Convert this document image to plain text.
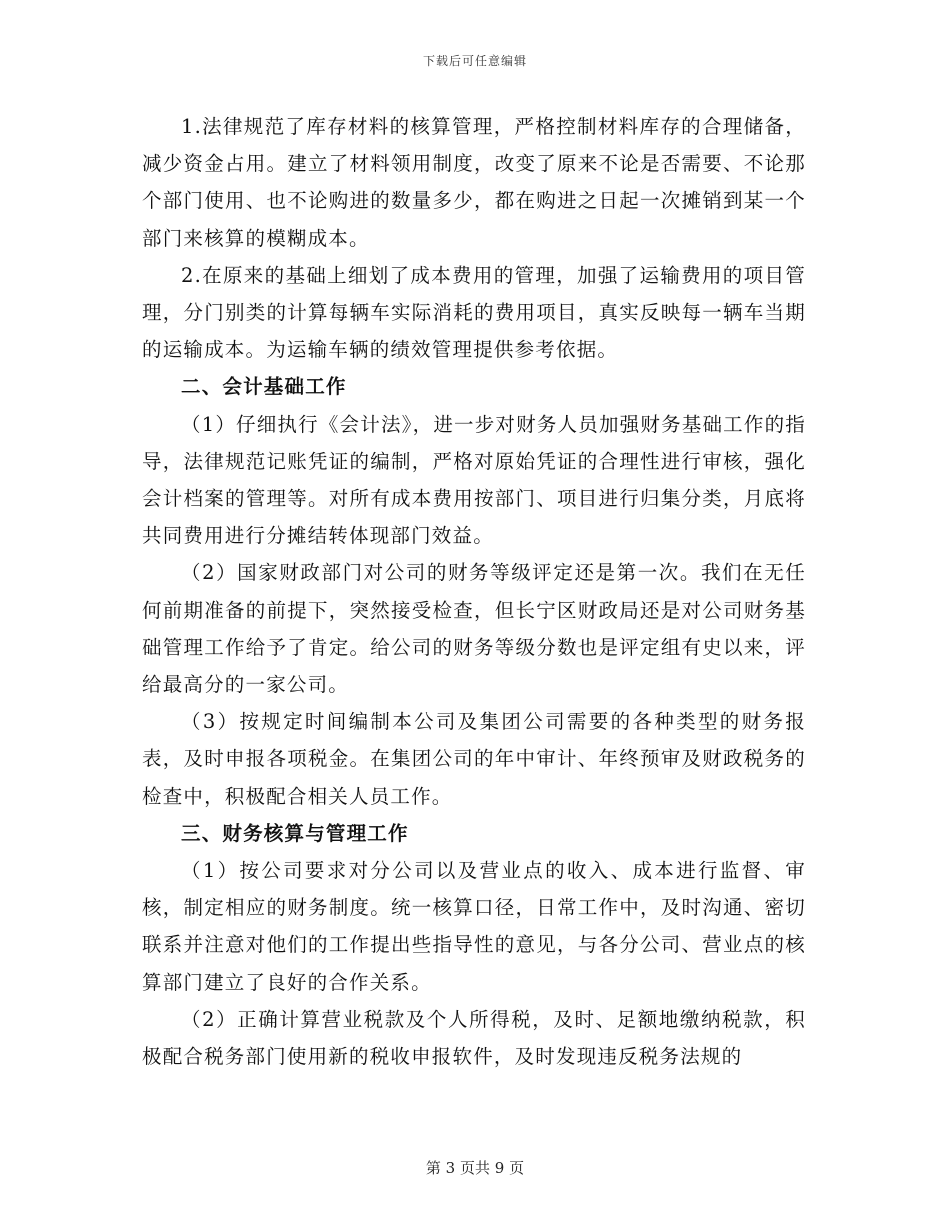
下载后可任意编辑

1.法律规范了库存材料的核算管理，严格控制材料库存的合理储备，减少资金占用。建立了材料领用制度，改变了原来不论是否需要、不论那个部门使用、也不论购进的数量多少，都在购进之日起一次摊销到某一个部门来核算的模糊成本。

2.在原来的基础上细划了成本费用的管理，加强了运输费用的项目管理，分门别类的计算每辆车实际消耗的费用项目，真实反映每一辆车当期的运输成本。为运输车辆的绩效管理提供参考依据。

二、会计基础工作

（1）仔细执行《会计法》，进一步对财务人员加强财务基础工作的指导，法律规范记账凭证的编制，严格对原始凭证的合理性进行审核，强化会计档案的管理等。对所有成本费用按部门、项目进行归集分类，月底将共同费用进行分摊结转体现部门效益。

（2）国家财政部门对公司的财务等级评定还是第一次。我们在无任何前期准备的前提下，突然接受检查，但长宁区财政局还是对公司财务基础管理工作给予了肯定。给公司的财务等级分数也是评定组有史以来，评给最高分的一家公司。

（3）按规定时间编制本公司及集团公司需要的各种类型的财务报表，及时申报各项税金。在集团公司的年中审计、年终预审及财政税务的检查中，积极配合相关人员工作。

三、财务核算与管理工作

（1）按公司要求对分公司以及营业点的收入、成本进行监督、审核，制定相应的财务制度。统一核算口径，日常工作中，及时沟通、密切联系并注意对他们的工作提出些指导性的意见，与各分公司、营业点的核算部门建立了良好的合作关系。

（2）正确计算营业税款及个人所得税，及时、足额地缴纳税款，积极配合税务部门使用新的税收申报软件，及时发现违反税务法规的

第 3 页共 9 页
